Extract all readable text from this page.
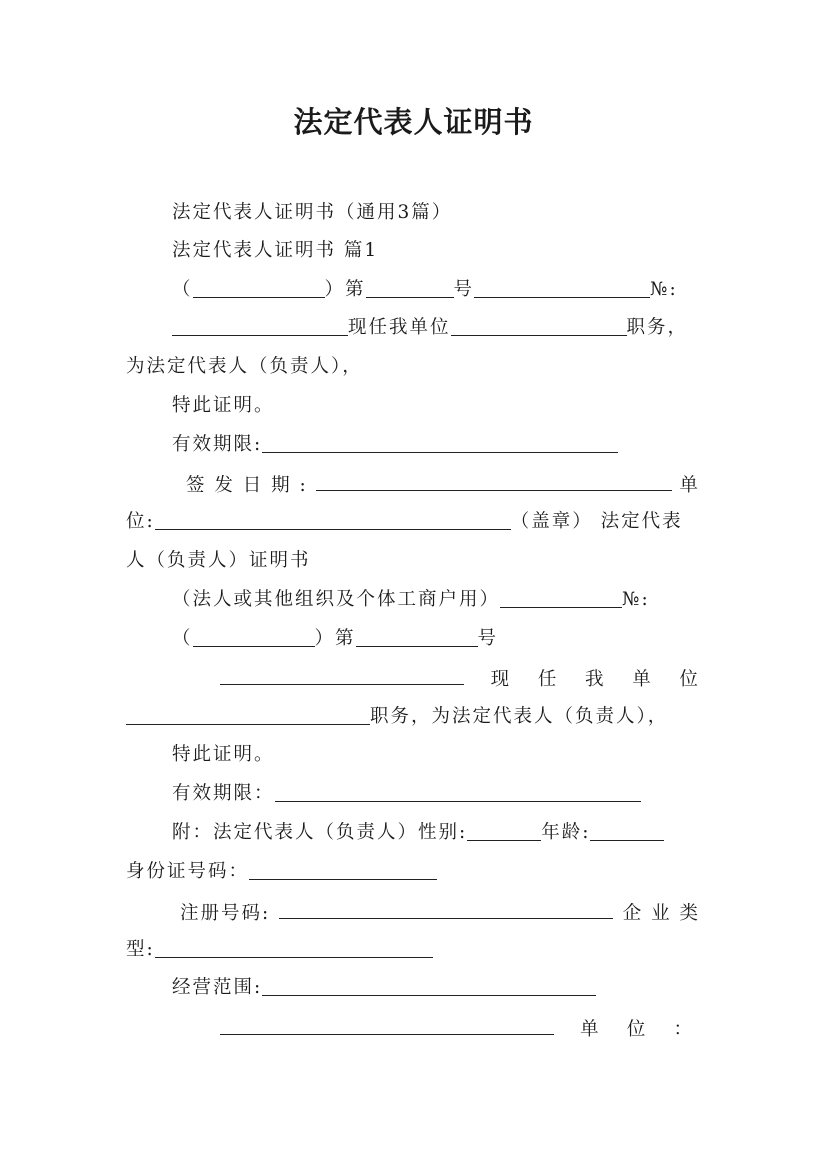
法定代表人证明书
法定代表人证明书（通用3篇）
法定代表人证明书 篇1
（	）第	号	№:
现任我单位	职务，
为法定代表人（负责人），
特此证明。
有效期限:
签 发 日 期 :	单
位:	（盖章） 法定代表
人（负责人）证明书
（法人或其他组织及个体工商户用）	№:
（	）第	号
现 任 我 单 位
职务，为法定代表人（负责人），
特此证明。
有效期限：
附：法定代表人（负责人）性别:	年龄:
身份证号码：
注册号码:	企 业 类
型:
经营范围:
单 位 ：
